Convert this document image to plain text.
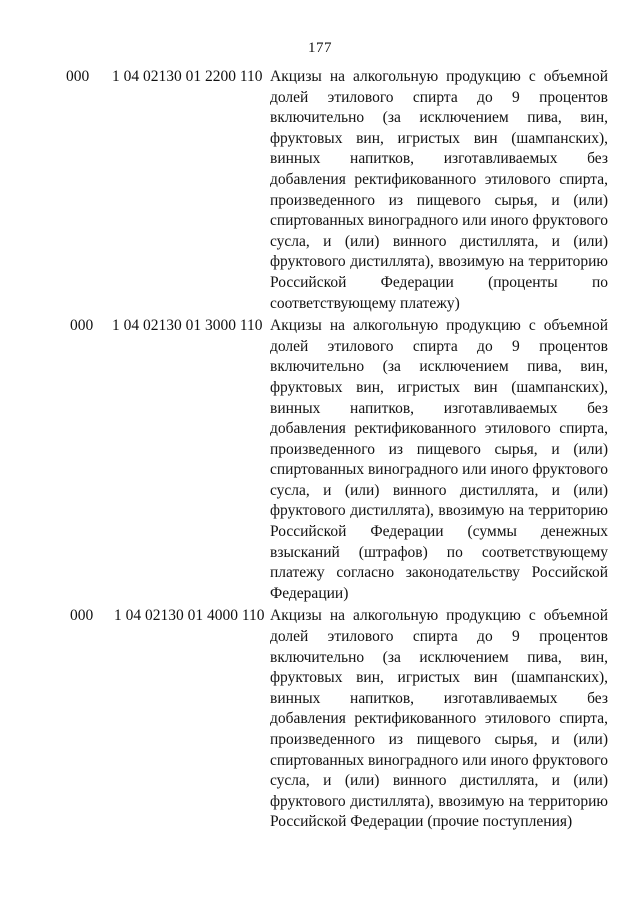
177
000 1 04 02130 01 2200 110 Акцизы на алкогольную продукцию с объемной долей этилового спирта до 9 процентов включительно (за исключением пива, вин, фруктовых вин, игристых вин (шампанских), винных напитков, изготавливаемых без добавления ректификованного этилового спирта, произведенного из пищевого сырья, и (или) спиртованных виноградного или иного фруктового сусла, и (или) винного дистиллята, и (или) фруктового дистиллята), ввозимую на территорию Российской Федерации (проценты по соответствующему платежу)
000 1 04 02130 01 3000 110 Акцизы на алкогольную продукцию с объемной долей этилового спирта до 9 процентов включительно (за исключением пива, вин, фруктовых вин, игристых вин (шампанских), винных напитков, изготавливаемых без добавления ректификованного этилового спирта, произведенного из пищевого сырья, и (или) спиртованных виноградного или иного фруктового сусла, и (или) винного дистиллята, и (или) фруктового дистиллята), ввозимую на территорию Российской Федерации (суммы денежных взысканий (штрафов) по соответствующему платежу согласно законодательству Российской Федерации)
000 1 04 02130 01 4000 110 Акцизы на алкогольную продукцию с объемной долей этилового спирта до 9 процентов включительно (за исключением пива, вин, фруктовых вин, игристых вин (шампанских), винных напитков, изготавливаемых без добавления ректификованного этилового спирта, произведенного из пищевого сырья, и (или) спиртованных виноградного или иного фруктового сусла, и (или) винного дистиллята, и (или) фруктового дистиллята), ввозимую на территорию Российской Федерации (прочие поступления)
